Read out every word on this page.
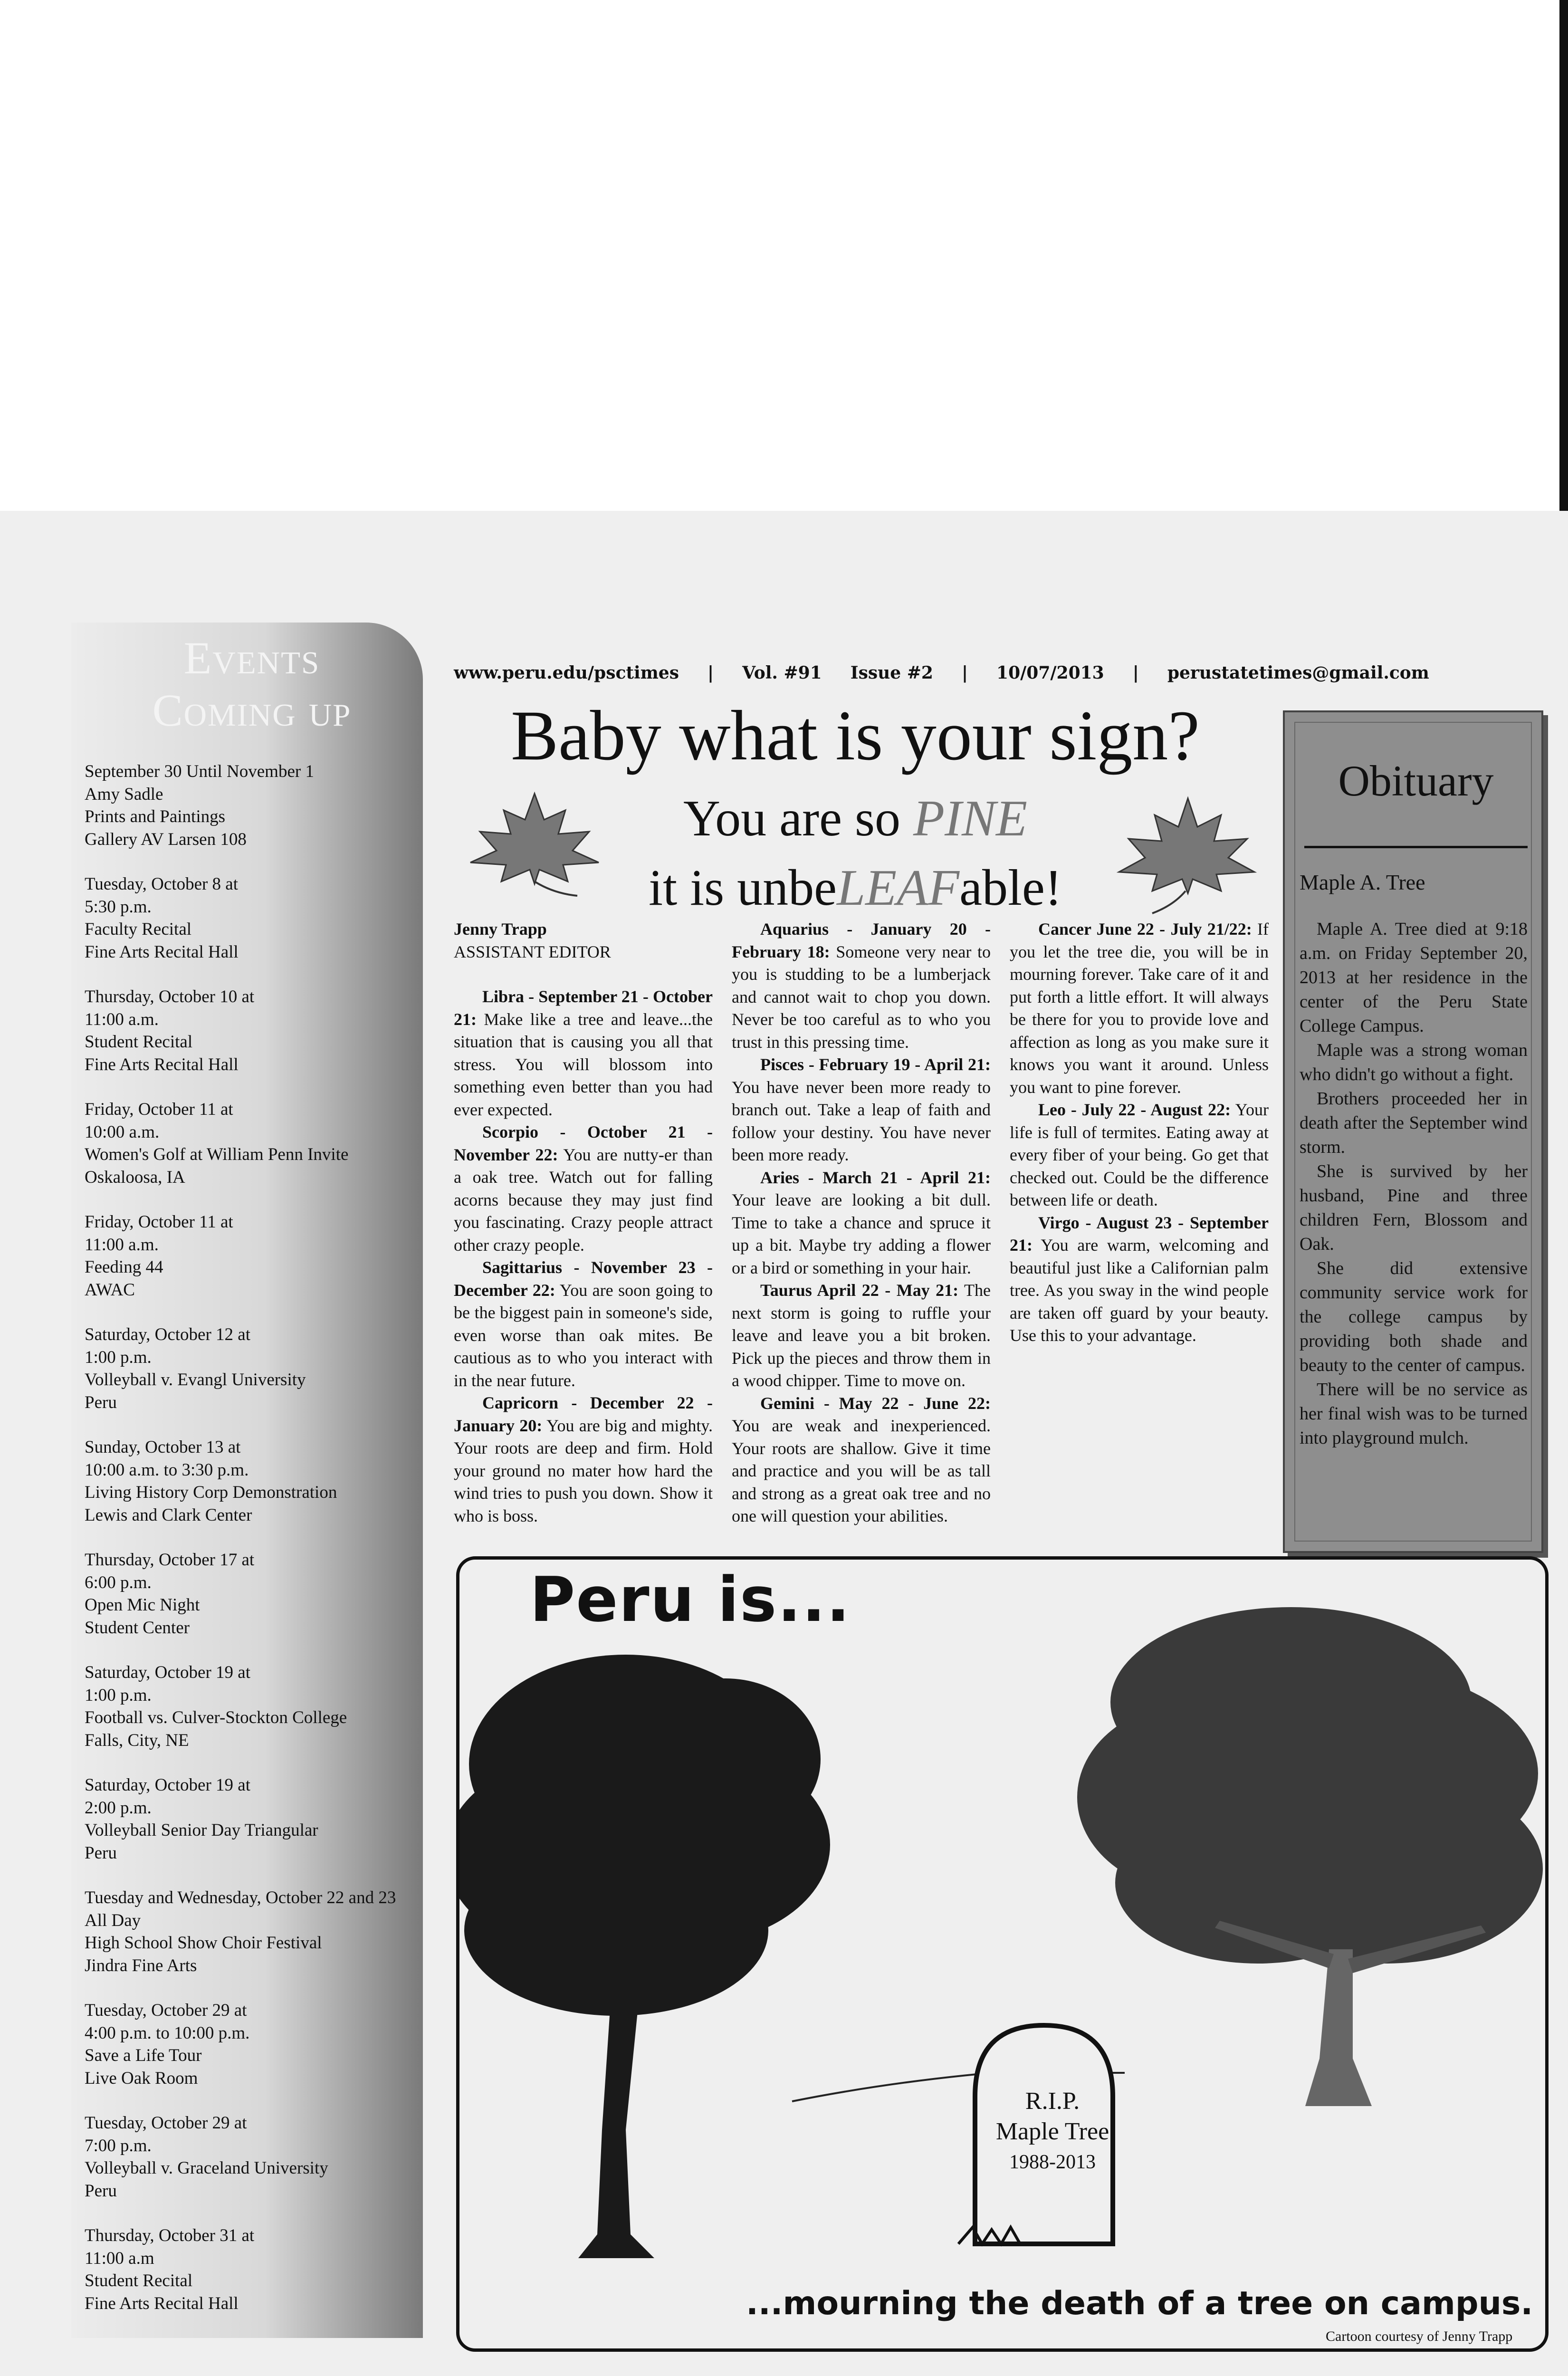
Events
Coming up
September 30 Until November 1
Amy Sadle
Prints and Paintings
Gallery AV Larsen 108
Tuesday, October 8 at
5:30 p.m.
Faculty Recital
Fine Arts Recital Hall
Thursday, October 10 at
11:00 a.m.
Student Recital
Fine Arts Recital Hall
Friday, October 11 at
10:00 a.m.
Women's Golf at William Penn Invite
Oskaloosa, IA
Friday, October 11 at
11:00 a.m.
Feeding 44
AWAC
Saturday, October 12 at
1:00 p.m.
Volleyball v. Evangl University
Peru
Sunday, October 13 at
10:00 a.m. to 3:30 p.m.
Living History Corp Demonstration
Lewis and Clark Center
Thursday, October 17 at
6:00 p.m.
Open Mic Night
Student Center
Saturday, October 19 at
1:00 p.m.
Football vs. Culver-Stockton College
Falls, City, NE
Saturday, October 19 at
2:00 p.m.
Volleyball Senior Day Triangular
Peru
Tuesday and Wednesday, October 22 and 23
All Day
High School Show Choir Festival
Jindra Fine Arts
Tuesday, October 29 at
4:00 p.m. to 10:00 p.m.
Save a Life Tour
Live Oak Room
Tuesday, October 29 at
7:00 p.m.
Volleyball v. Graceland University
Peru
Thursday, October 31 at
11:00 a.m
Student Recital
Fine Arts Recital Hall
www.peru.edu/psctimes | Vol. #91 Issue #2 | 10/07/2013 | perustatetimes@gmail.com
Baby what is your sign?
You are so PINE
it is unbeLEAFable!

Jenny Trapp

ASSISTANT EDITOR

Libra - September 21 - October 21: Make like a tree and leave...the situation that is causing you all that stress. You will blossom into something even better than you had ever expected.

Scorpio - October 21 - November 22: You are nutty-er than a oak tree. Watch out for falling acorns because they may just find you fascinating. Crazy people attract other crazy people.

Sagittarius - November 23 - December 22: You are soon going to be the biggest pain in someone's side, even worse than oak mites. Be cautious as to who you interact with in the near future.

Capricorn - December 22 - January 20: You are big and mighty. Your roots are deep and firm. Hold your ground no mater how hard the wind tries to push you down. Show it who is boss.

Aquarius - January 20 - February 18: Someone very near to you is studding to be a lumberjack and cannot wait to chop you down. Never be too careful as to who you trust in this pressing time.

Pisces - February 19 - April 21: You have never been more ready to branch out. Take a leap of faith and follow your destiny. You have never been more ready.

Aries - March 21 - April 21: Your leave are looking a bit dull. Time to take a chance and spruce it up a bit. Maybe try adding a flower or a bird or something in your hair.

Taurus April 22 - May 21: The next storm is going to ruffle your leave and leave you a bit broken. Pick up the pieces and throw them in a wood chipper. Time to move on.

Gemini - May 22 - June 22: You are weak and inexperienced. Your roots are shallow. Give it time and practice and you will be as tall and strong as a great oak tree and no one will question your abilities.

Cancer June 22 - July 21/22: If you let the tree die, you will be in mourning forever. Take care of it and put forth a little effort. It will always be there for you to provide love and affection as long as you make sure it knows you want it around. Unless you want to pine forever.

Leo - July 22 - August 22: Your life is full of termites. Eating away at every fiber of your being. Go get that checked out. Could be the difference between life or death.

Virgo - August 23 - September 21: You are warm, welcoming and beautiful just like a Californian palm tree. As you sway in the wind people are taken off guard by your beauty. Use this to your advantage.

Obituary
Maple A. Tree

Maple A. Tree died at 9:18 a.m. on Friday September 20, 2013 at her residence in the center of the Peru State College Campus.

Maple was a strong woman who didn't go without a fight.

Brothers proceeded her in death after the September wind storm.

She is survived by her husband, Pine and three children Fern, Blossom and Oak.

She did extensive community service work for the college campus by providing both shade and beauty to the center of campus.

There will be no service as her final wish was to be turned into playground mulch.

Peru is...
R.I.P.
Maple Tree
1988-2013
...mourning the death of a tree on campus.
Cartoon courtesy of Jenny Trapp
